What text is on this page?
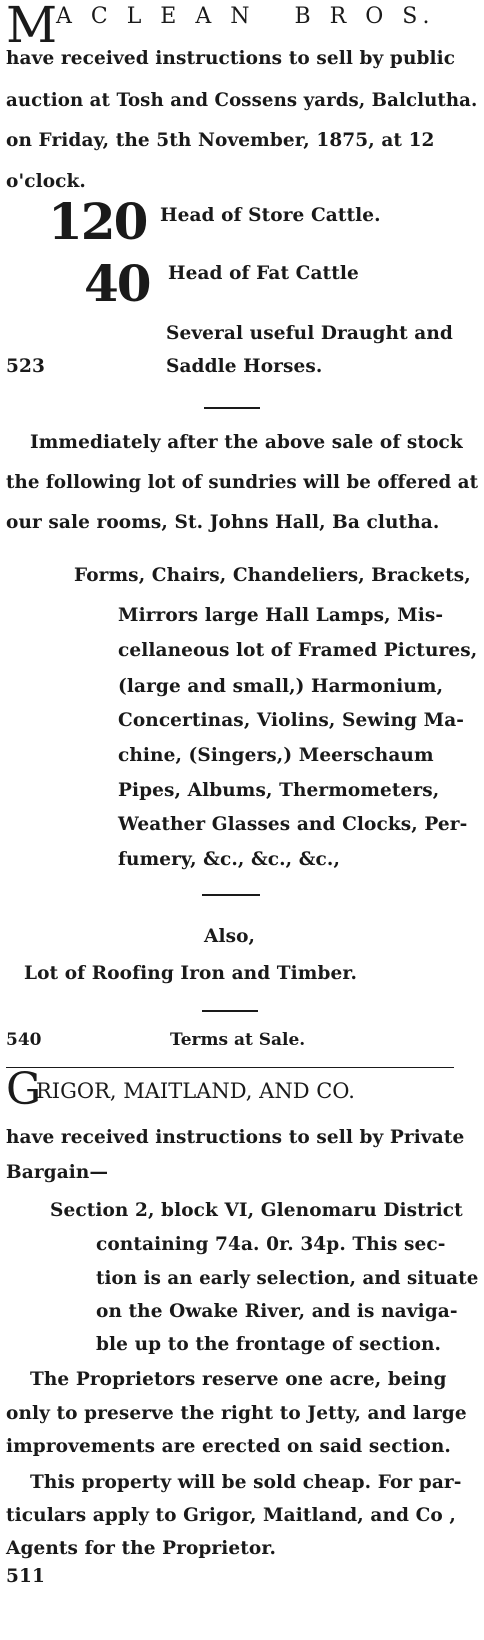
M
A C L E A N   B R O S.
have received instructions to sell by public
auction at Tosh and Cossens yards, Balclutha.
on Friday, the 5th November, 1875, at 12
o'clock.
120 Head of Store Cattle.
40 Head of Fat Cattle
Several useful Draught and
523	Saddle Horses.
Immediately after the above sale of stock
the following lot of sundries will be offered at
our sale rooms, St. Johns Hall, Ba clutha.
Forms, Chairs, Chandeliers, Brackets,
Mirrors large Hall Lamps, Mis-
cellaneous lot of Framed Pictures,
(large and small,) Harmonium,
Concertinas, Violins, Sewing Ma-
chine, (Singers,) Meerschaum
Pipes, Albums, Thermometers,
Weather Glasses and Clocks, Per-
fumery, &c., &c., &c.,
Also,
Lot of Roofing Iron and Timber.
540	Terms at Sale.
G
RIGOR, MAITLAND, AND CO.
have received instructions to sell by Private
Bargain—
Section 2, block VI, Glenomaru District
containing 74a. 0r. 34p. This sec-
tion is an early selection, and situate
on the Owake River, and is naviga-
ble up to the frontage of section.
The Proprietors reserve one acre, being
only to preserve the right to Jetty, and large
improvements are erected on said section.
This property will be sold cheap. For par-
ticulars apply to Grigor, Maitland, and Co ,
Agents for the Proprietor.
511
